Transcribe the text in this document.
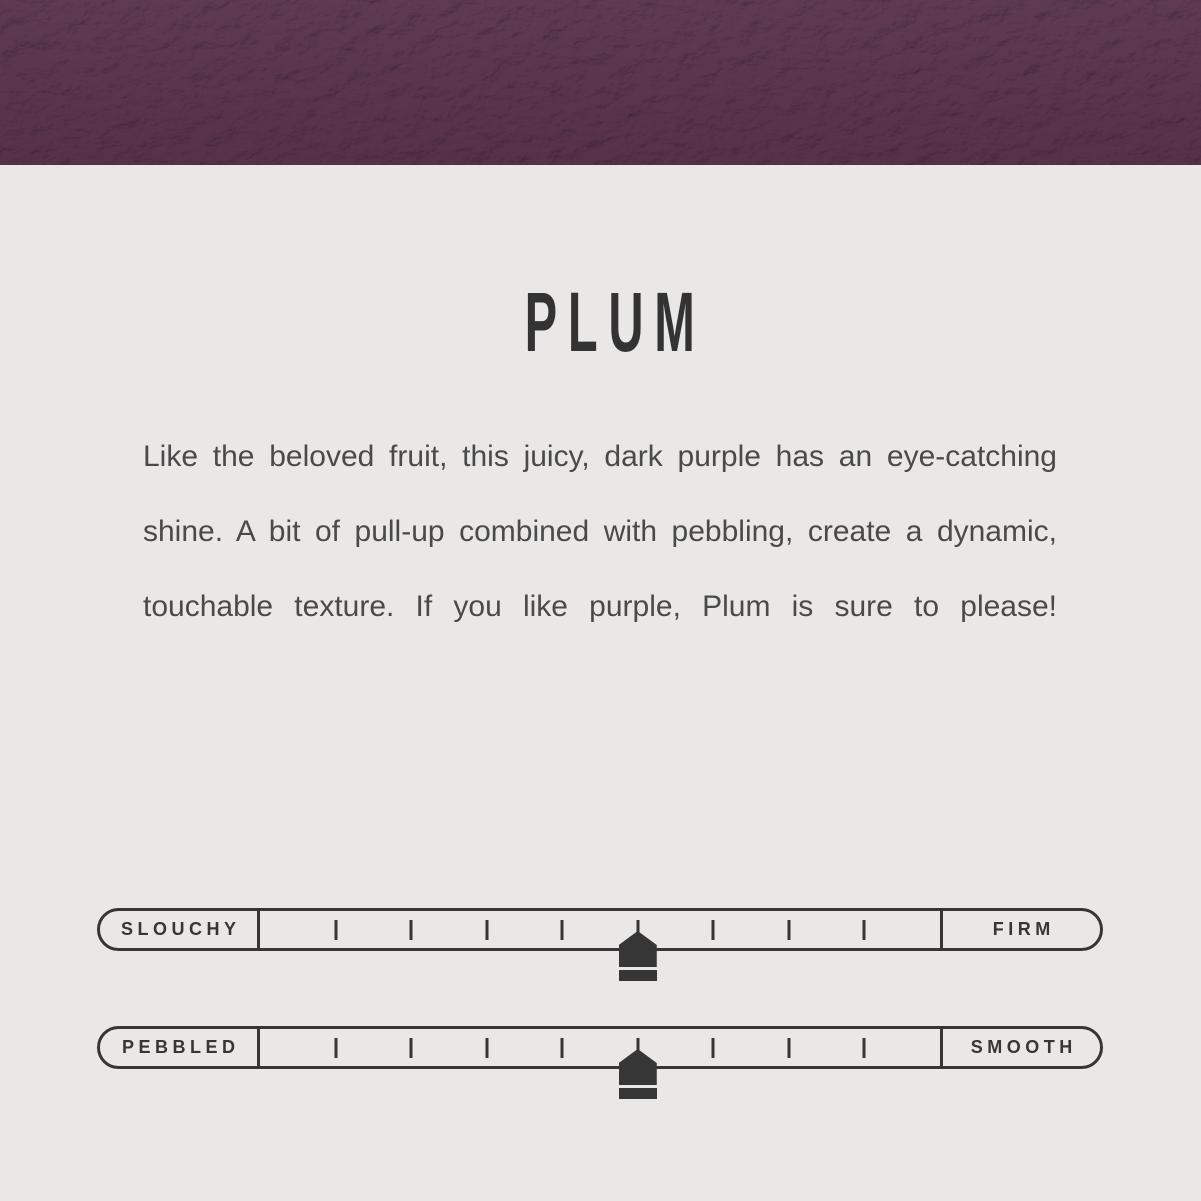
PLUM

Like the beloved fruit, this juicy, dark purple has an eye-catching

shine. A bit of pull-up combined with pebbling, create a dynamic,

touchable texture. If you like purple, Plum is sure to please!

SLOUCHY	FIRM
PEBBLED	SMOOTH
